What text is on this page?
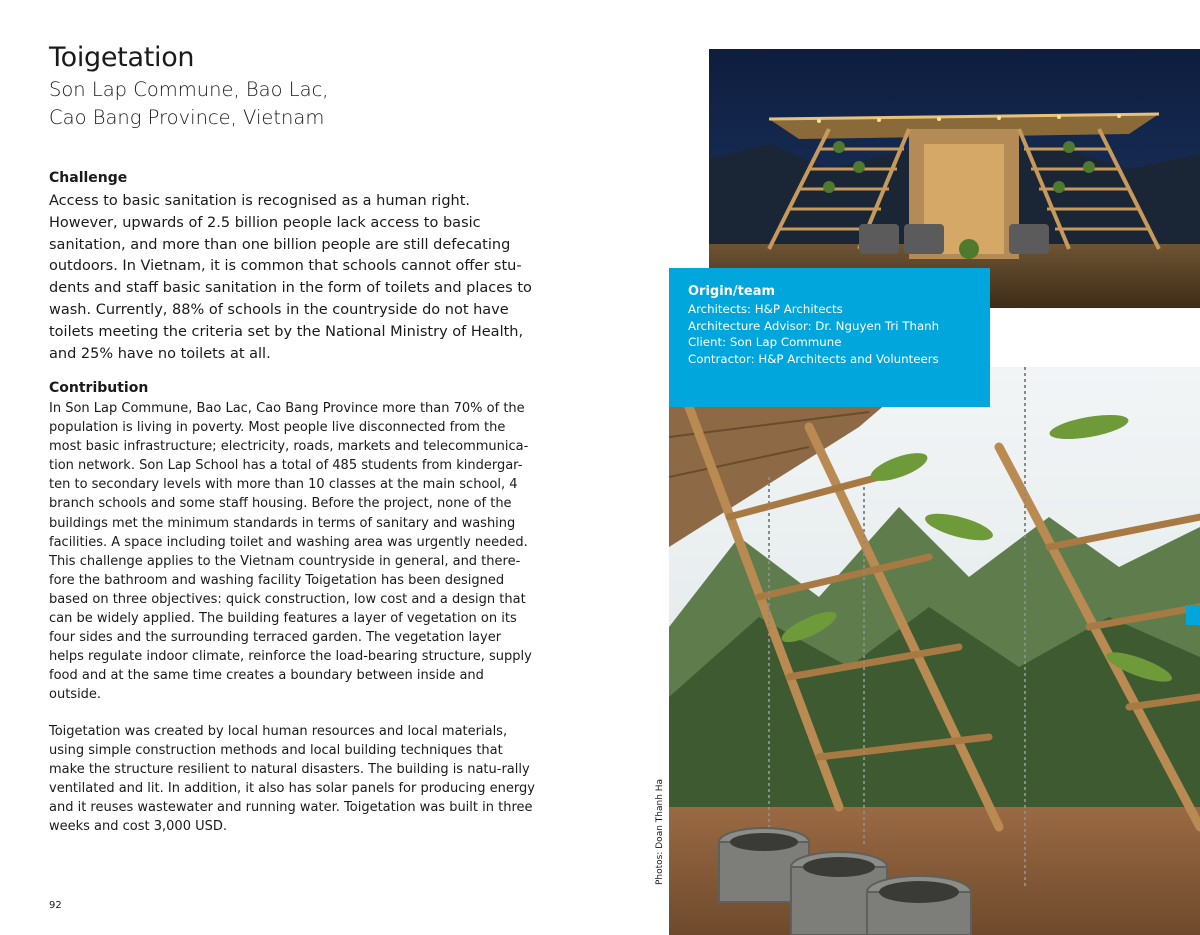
Toigetation
Son Lap Commune, Bao Lac,
Cao Bang Province, Vietnam
Challenge

Access to basic sanitation is recognised as a human right. However, upwards of 2.5 billion people lack access to basic sanitation, and more than one billion people are still defecating outdoors. In Vietnam, it is common that schools cannot offer stu-dents and staff basic sanitation in the form of toilets and places to wash. Currently, 88% of schools in the countryside do not have toilets meeting the criteria set by the National Ministry of Health, and 25% have no toilets at all.

Contribution

In Son Lap Commune, Bao Lac, Cao Bang Province more than 70% of the population is living in poverty. Most people live disconnected from the most basic infrastructure; electricity, roads, markets and telecommunica-tion network. Son Lap School has a total of 485 students from kindergar-ten to secondary levels with more than 10 classes at the main school, 4 branch schools and some staff housing. Before the project, none of the buildings met the minimum standards in terms of sanitary and washing facilities. A space including toilet and washing area was urgently needed. This challenge applies to the Vietnam countryside in general, and there-fore the bathroom and washing facility Toigetation has been designed based on three objectives: quick construction, low cost and a design that can be widely applied. The building features a layer of vegetation on its four sides and the surrounding terraced garden. The vegetation layer helps regulate indoor climate, reinforce the load-bearing structure, supply food and at the same time creates a boundary between inside and outside.

Toigetation was created by local human resources and local materials, using simple construction methods and local building techniques that make the structure resilient to natural disasters. The building is natu-rally ventilated and lit. In addition, it also has solar panels for producing energy and it reuses wastewater and running water. Toigetation was built in three weeks and cost 3,000 USD.

92

Origin/team

Architects: H&P Architects

Architecture Advisor: Dr. Nguyen Tri Thanh

Client: Son Lap Commune

Contractor: H&P Architects and Volunteers

Photos: Doan Thanh Ha
